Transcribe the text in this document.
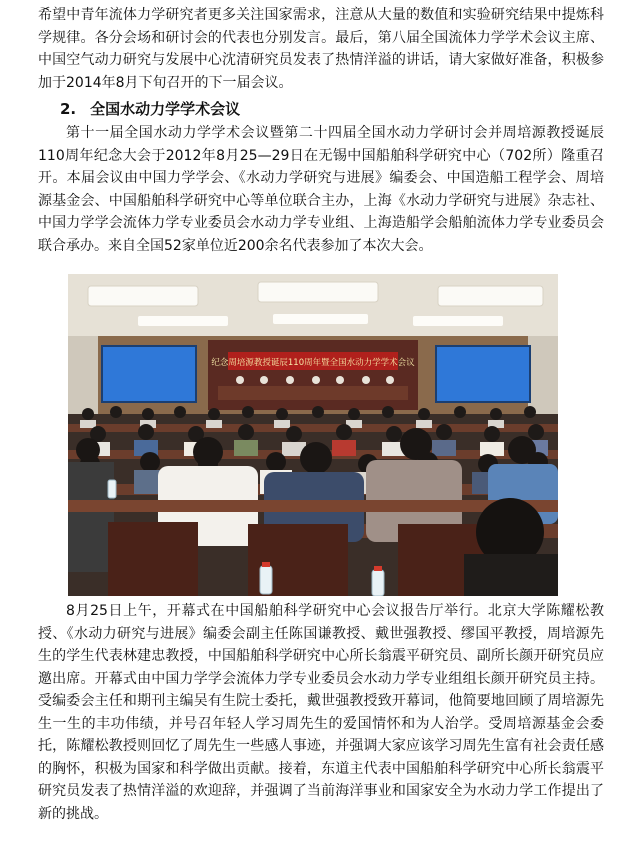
希望中青年流体力学研究者更多关注国家需求，注意从大量的数值和实验研究结果中提炼科学规律。各分会场和研讨会的代表也分别发言。最后，第八届全国流体力学学术会议主席、中国空气动力研究与发展中心沈清研究员发表了热情洋溢的讲话，请大家做好准备，积极参加于2014年8月下旬召开的下一届会议。

2. 全国水动力学学术会议

第十一届全国水动力学学术会议暨第二十四届全国水动力学研讨会并周培源教授诞辰110周年纪念大会于2012年8月25—29日在无锡中国船舶科学研究中心（702所）隆重召开。本届会议由中国力学学会、《水动力学研究与进展》编委会、中国造船工程学会、周培源基金会、中国船舶科学研究中心等单位联合主办，上海《水动力学研究与进展》杂志社、中国力学学会流体力学专业委员会水动力学专业组、上海造船学会船舶流体力学专业委员会联合承办。来自全国52家单位近200余名代表参加了本次大会。

纪念周培源教授诞辰110周年暨全国水动力学学术会议

8月25日上午，开幕式在中国船舶科学研究中心会议报告厅举行。北京大学陈耀松教授、《水动力研究与进展》编委会副主任陈国谦教授、戴世强教授、缪国平教授，周培源先生的学生代表林建忠教授，中国船舶科学研究中心所长翁震平研究员、副所长颜开研究员应邀出席。开幕式由中国力学学会流体力学专业委员会水动力学专业组组长颜开研究员主持。受编委会主任和期刊主编吴有生院士委托，戴世强教授致开幕词，他简要地回顾了周培源先生一生的丰功伟绩，并号召年轻人学习周先生的爱国情怀和为人治学。受周培源基金会委托，陈耀松教授则回忆了周先生一些感人事迹，并强调大家应该学习周先生富有社会责任感的胸怀，积极为国家和科学做出贡献。接着，东道主代表中国船舶科学研究中心所长翁震平研究员发表了热情洋溢的欢迎辞，并强调了当前海洋事业和国家安全为水动力学工作提出了新的挑战。
